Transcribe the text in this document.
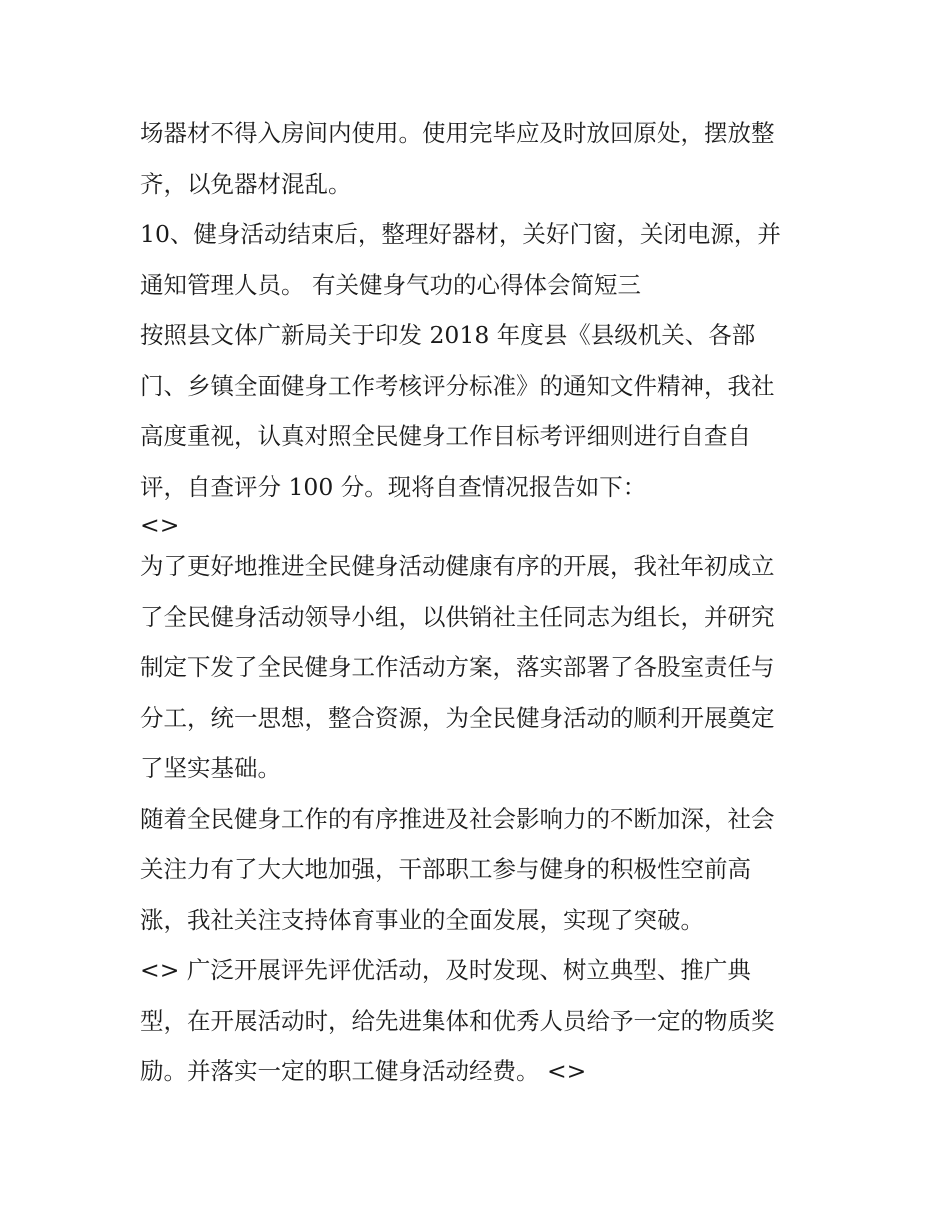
场器材不得入房间内使用。使用完毕应及时放回原处，摆放整
齐，以免器材混乱。
10、健身活动结束后，整理好器材，关好门窗，关闭电源，并
通知管理人员。 有关健身气功的心得体会简短三
按照县文体广新局关于印发 2018 年度县《县级机关、各部
门、乡镇全面健身工作考核评分标准》的通知文件精神，我社
高度重视，认真对照全民健身工作目标考评细则进行自查自
评，自查评分 100 分。现将自查情况报告如下：
<>
为了更好地推进全民健身活动健康有序的开展，我社年初成立
了全民健身活动领导小组，以供销社主任同志为组长，并研究
制定下发了全民健身工作活动方案，落实部署了各股室责任与
分工，统一思想，整合资源，为全民健身活动的顺利开展奠定
了坚实基础。
随着全民健身工作的有序推进及社会影响力的不断加深，社会
关注力有了大大地加强，干部职工参与健身的积极性空前高
涨，我社关注支持体育事业的全面发展，实现了突破。
<> 广泛开展评先评优活动，及时发现、树立典型、推广典
型，在开展活动时，给先进集体和优秀人员给予一定的物质奖
励。并落实一定的职工健身活动经费。 <>
